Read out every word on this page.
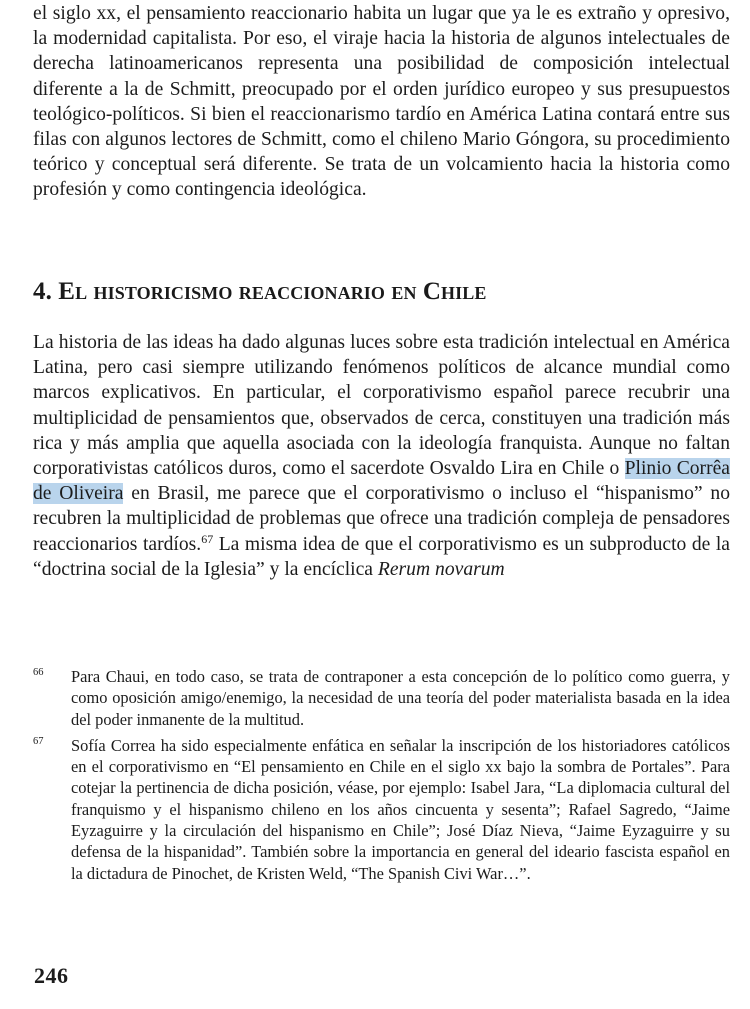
el siglo xx, el pensamiento reaccionario habita un lugar que ya le es extraño y opresivo, la modernidad capitalista. Por eso, el viraje hacia la historia de algunos intelectuales de derecha latinoamericanos representa una posibilidad de composición intelectual diferente a la de Schmitt, preocupado por el orden jurídico europeo y sus presupuestos teológico-políticos. Si bien el reaccionarismo tardío en América Latina contará entre sus filas con algunos lectores de Schmitt, como el chileno Mario Góngora, su procedimiento teórico y conceptual será diferente. Se trata de un volcamiento hacia la historia como profesión y como contingencia ideológica.

4. El historicismo reaccionario en Chile

La historia de las ideas ha dado algunas luces sobre esta tradición intelectual en América Latina, pero casi siempre utilizando fenómenos políticos de alcance mundial como marcos explicativos. En particular, el corporativismo español parece recubrir una multiplicidad de pensamientos que, observados de cerca, constituyen una tradición más rica y más amplia que aquella asociada con la ideología franquista. Aunque no faltan corporativistas católicos duros, como el sacerdote Osvaldo Lira en Chile o Plinio Corrêa de Oliveira en Brasil, me parece que el corporativismo o incluso el “hispanismo” no recubren la multiplicidad de problemas que ofrece una tradición compleja de pensadores reaccionarios tardíos.$^{67}$ La misma idea de que el corporativismo es un subproducto de la “doctrina social de la Iglesia” y la encíclica Rerum novarum

66 Para Chaui, en todo caso, se trata de contraponer a esta concepción de lo político como guerra, y como oposición amigo/enemigo, la necesidad de una teoría del poder materialista basada en la idea del poder inmanente de la multitud.

67 Sofía Correa ha sido especialmente enfática en señalar la inscripción de los historiadores católicos en el corporativismo en “El pensamiento en Chile en el siglo xx bajo la sombra de Portales”. Para cotejar la pertinencia de dicha posición, véase, por ejemplo: Isabel Jara, “La diplomacia cultural del franquismo y el hispanismo chileno en los años cincuenta y sesenta”; Rafael Sagredo, “Jaime Eyzaguirre y la circulación del hispanismo en Chile”; José Díaz Nieva, “Jaime Eyzaguirre y su defensa de la hispanidad”. También sobre la importancia en general del ideario fascista español en la dictadura de Pinochet, de Kristen Weld, “The Spanish Civi War…”.

246
